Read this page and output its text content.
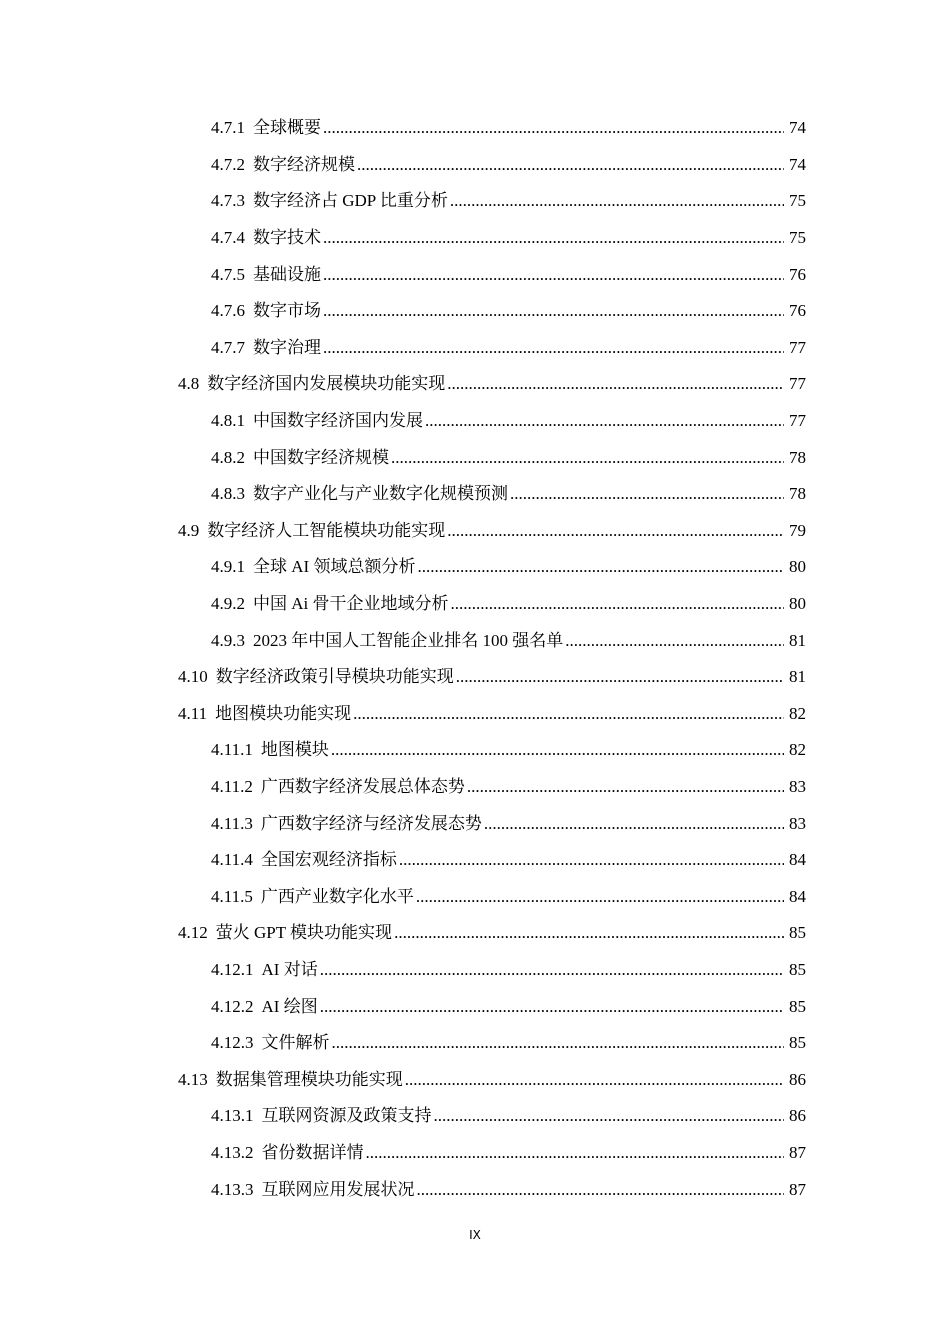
4.7.1 全球概要 .....	74
4.7.2 数字经济规模 .....	74
4.7.3 数字经济占 GDP 比重分析 .....	75
4.7.4 数字技术 .....	75
4.7.5 基础设施 .....	76
4.7.6 数字市场 .....	76
4.7.7 数字治理 .....	77
4.8 数字经济国内发展模块功能实现 .....	77
4.8.1 中国数字经济国内发展 .....	77
4.8.2 中国数字经济规模 .....	78
4.8.3 数字产业化与产业数字化规模预测 .....	78
4.9 数字经济人工智能模块功能实现 .....	79
4.9.1 全球 AI 领域总额分析 .....	80
4.9.2 中国 Ai 骨干企业地域分析 .....	80
4.9.3 2023 年中国人工智能企业排名 100 强名单 .....	81
4.10 数字经济政策引导模块功能实现 .....	81
4.11 地图模块功能实现 .....	82
4.11.1 地图模块 .....	82
4.11.2 广西数字经济发展总体态势 .....	83
4.11.3 广西数字经济与经济发展态势 .....	83
4.11.4 全国宏观经济指标 .....	84
4.11.5 广西产业数字化水平 .....	84
4.12 萤火 GPT 模块功能实现 .....	85
4.12.1 AI 对话 .....	85
4.12.2 AI 绘图 .....	85
4.12.3 文件解析 .....	85
4.13 数据集管理模块功能实现 .....	86
4.13.1 互联网资源及政策支持 .....	86
4.13.2 省份数据详情 .....	87
4.13.3 互联网应用发展状况 .....	87
IX
